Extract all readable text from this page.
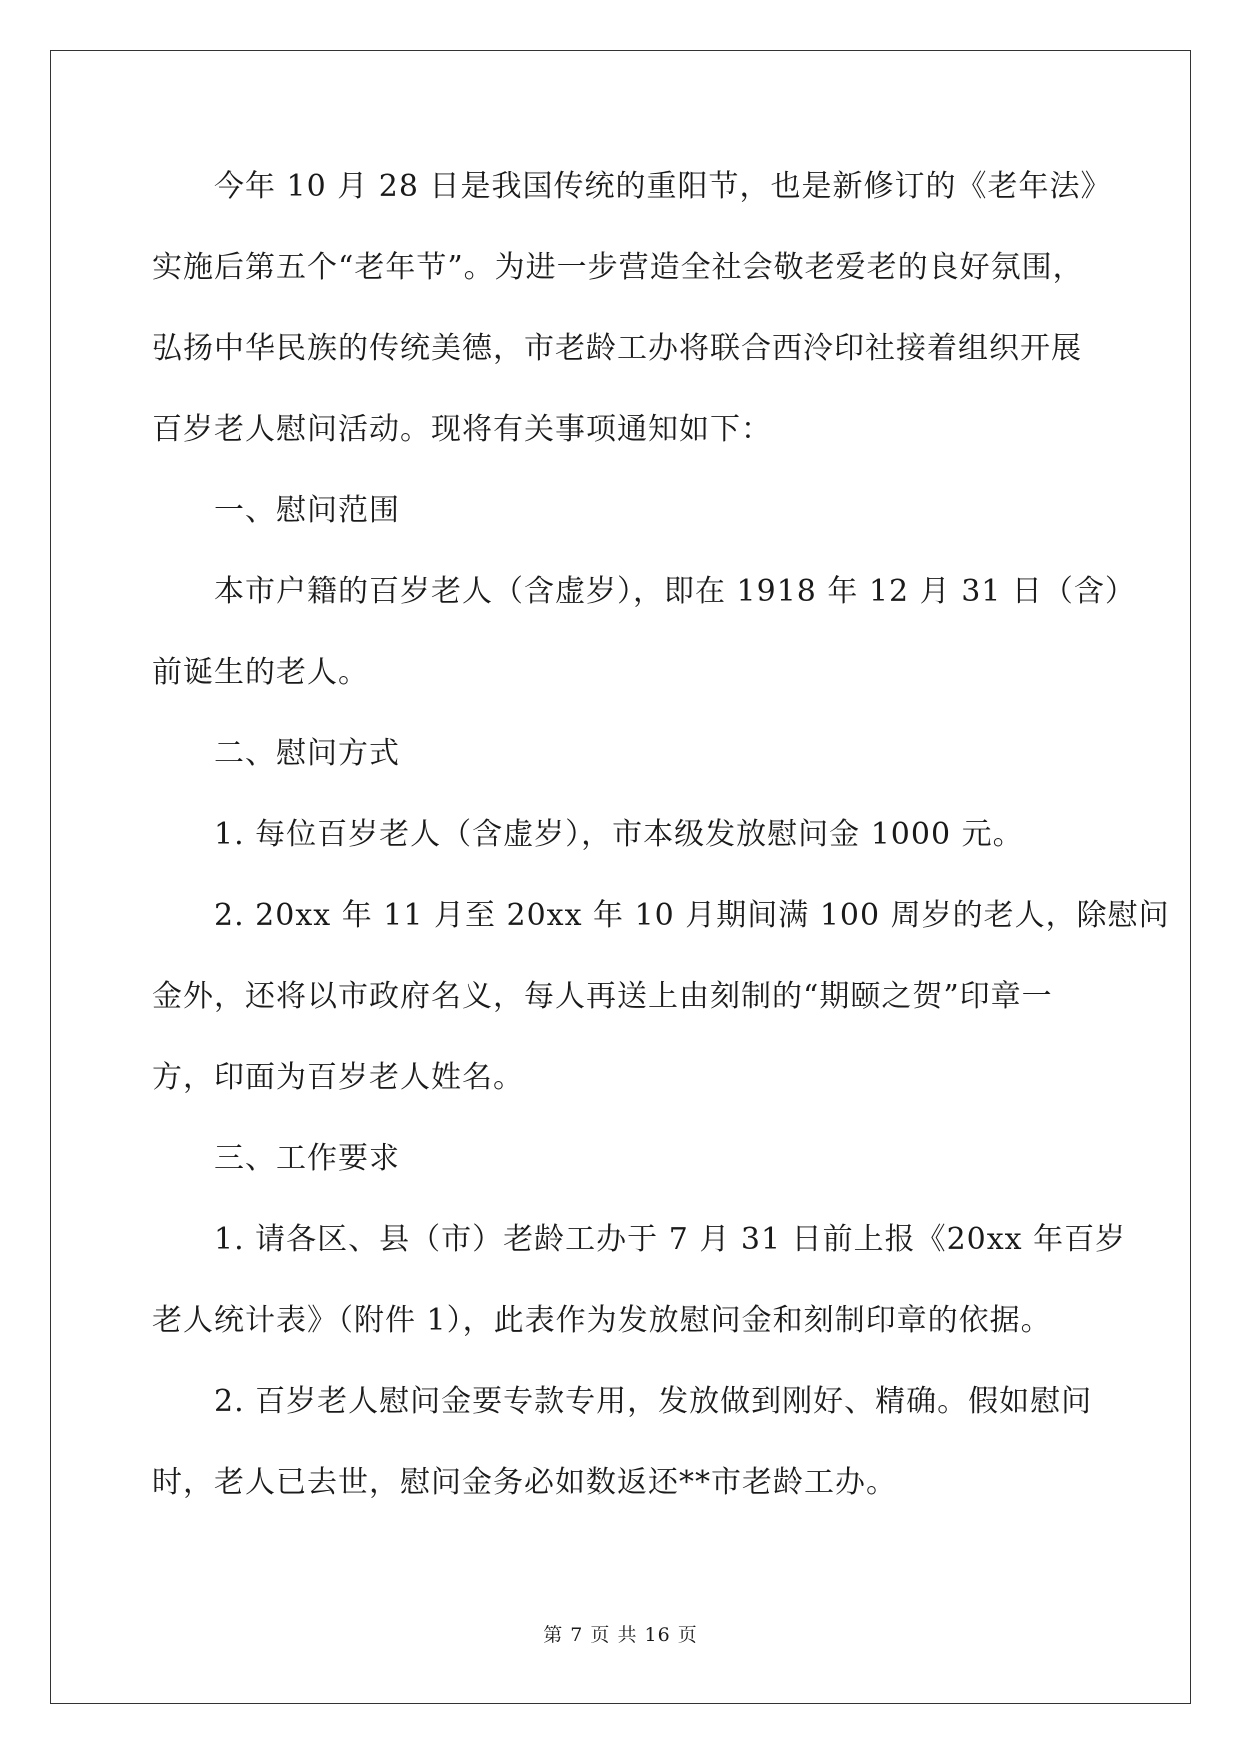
今年 10 月 28 日是我国传统的重阳节，也是新修订的《老年法》
实施后第五个“老年节”。为进一步营造全社会敬老爱老的良好氛围，
弘扬中华民族的传统美德，市老龄工办将联合西泠印社接着组织开展
百岁老人慰问活动。现将有关事项通知如下：
一、慰问范围
本市户籍的百岁老人（含虚岁），即在 1918 年 12 月 31 日（含）
前诞生的老人。
二、慰问方式
1. 每位百岁老人（含虚岁），市本级发放慰问金 1000 元。
2. 20xx 年 11 月至 20xx 年 10 月期间满 100 周岁的老人，除慰问
金外，还将以市政府名义，每人再送上由刻制的“期颐之贺”印章一
方，印面为百岁老人姓名。
三、工作要求
1. 请各区、县（市）老龄工办于 7 月 31 日前上报《20xx 年百岁
老人统计表》（附件 1），此表作为发放慰问金和刻制印章的依据。
2. 百岁老人慰问金要专款专用，发放做到刚好、精确。假如慰问
时，老人已去世，慰问金务必如数返还**市老龄工办。
第 7 页 共 16 页
